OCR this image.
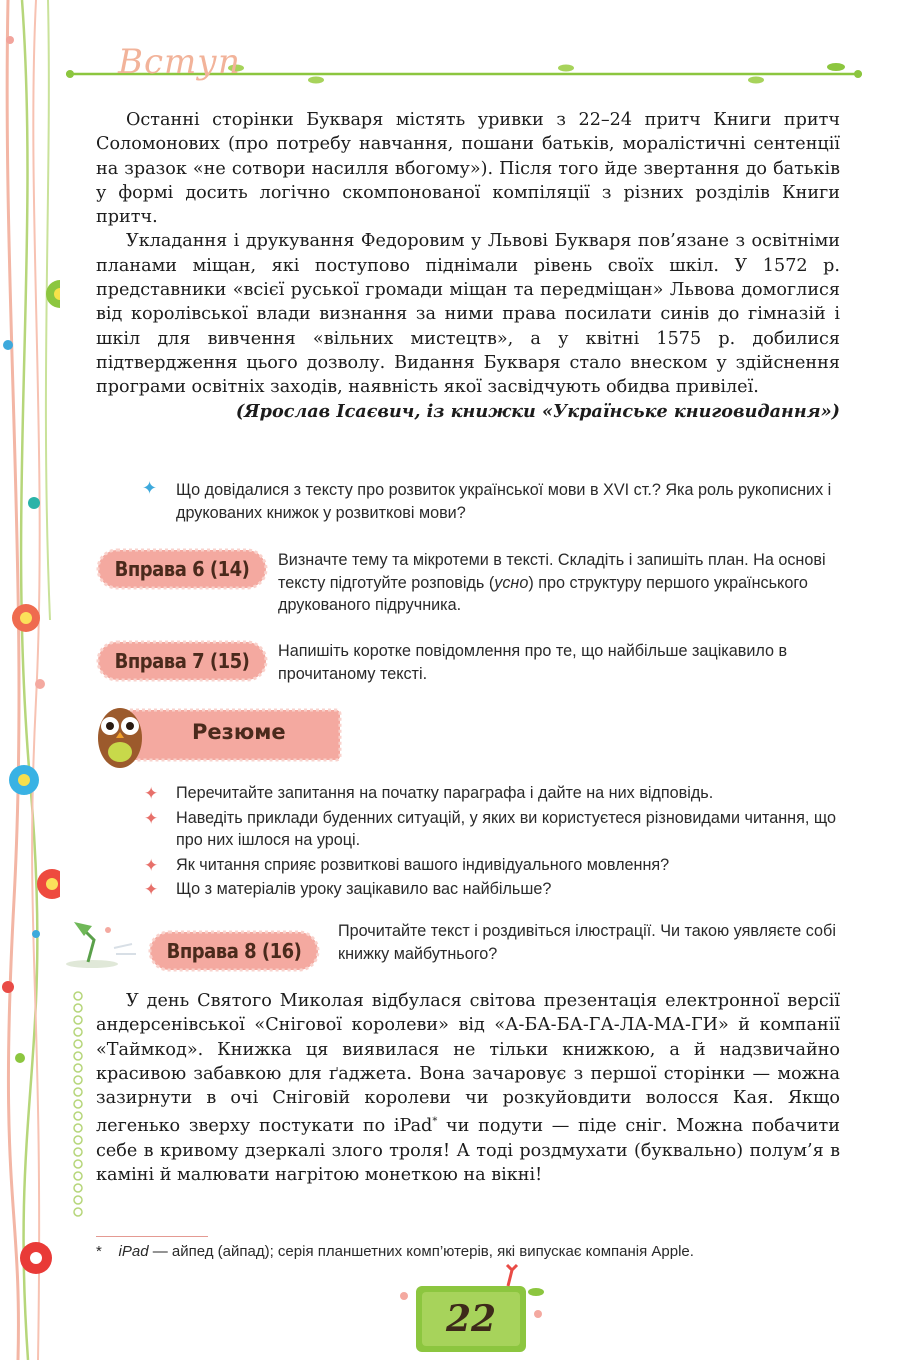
Вступ

Останні сторінки Букваря містять уривки з 22–24 притч Книги притч Соломонових (про потребу навчання, пошани батьків, моралістичні сентенції на зразок «не сотвори насилля вбогому»). Після того йде звертання до батьків у формі досить логічно скомпонованої компіляції з різних розділів Книги притч.

Укладання і друкування Федоровим у Львові Букваря пов’язане з освітніми планами міщан, які поступово піднімали рівень своїх шкіл. У 1572 р. представники «всієї руської громади міщан та передміщан» Львова домоглися від королівської влади визнання за ними права посилати синів до гімназій і шкіл для вивчення «вільних мистецтв», а у квітні 1575 р. добилися підтвердження цього дозволу. Видання Букваря стало внеском у здійснення програми освітніх заходів, наявність якої засвідчують обидва привілеї.

(Ярослав Ісаєвич, із книжки «Українське книговидання»)

✦ Що довідалися з тексту про розвиток української мови в XVI ст.? Яка роль рукописних і друкованих книжок у розвиткові мови?
Вправа 6 (14) Визначте тему та мікротеми в тексті. Складіть і запишіть план. На основі тексту підготуйте розповідь (усно) про структуру першого українського друкованого підручника.
Вправа 7 (15) Напишіть коротке повідомлення про те, що найбільше зацікавило в прочитаному тексті.
Резюме
✦ Перечитайте запитання на початку параграфа і дайте на них відповідь.
✦ Наведіть приклади буденних ситуацій, у яких ви користуєтеся різновидами читання, що про них ішлося на уроці.
✦ Як читання сприяє розвиткові вашого індивідуального мовлення?
✦ Що з матеріалів уроку зацікавило вас найбільше?
Вправа 8 (16)
Прочитайте текст і роздивіться ілюстрації. Чи такою уявляєте собі книжку майбутнього?

У день Святого Миколая відбулася світова презентація електронної версії андерсенівської «Снігової королеви» від «А-БА-БА-ГА-ЛА-МА-ГИ» й компанії «Таймкод». Книжка ця виявилася не тільки книжкою, а й надзвичайно красивою забавкою для ґаджета. Вона зачаровує з першої сторінки — можна зазирнути в очі Сніговій королеви чи розкуйовдити волосся Кая. Якщо легенько зверху постукати по iPad* чи подути — піде сніг. Можна побачити себе в кривому дзеркалі злого троля! А тоді роздмухати (буквально) полум’я в каміні й малювати нагрітою монеткою на вікні!

* iPad — айпед (айпад); серія планшетних комп’ютерів, які випускає компанія Apple.
22
